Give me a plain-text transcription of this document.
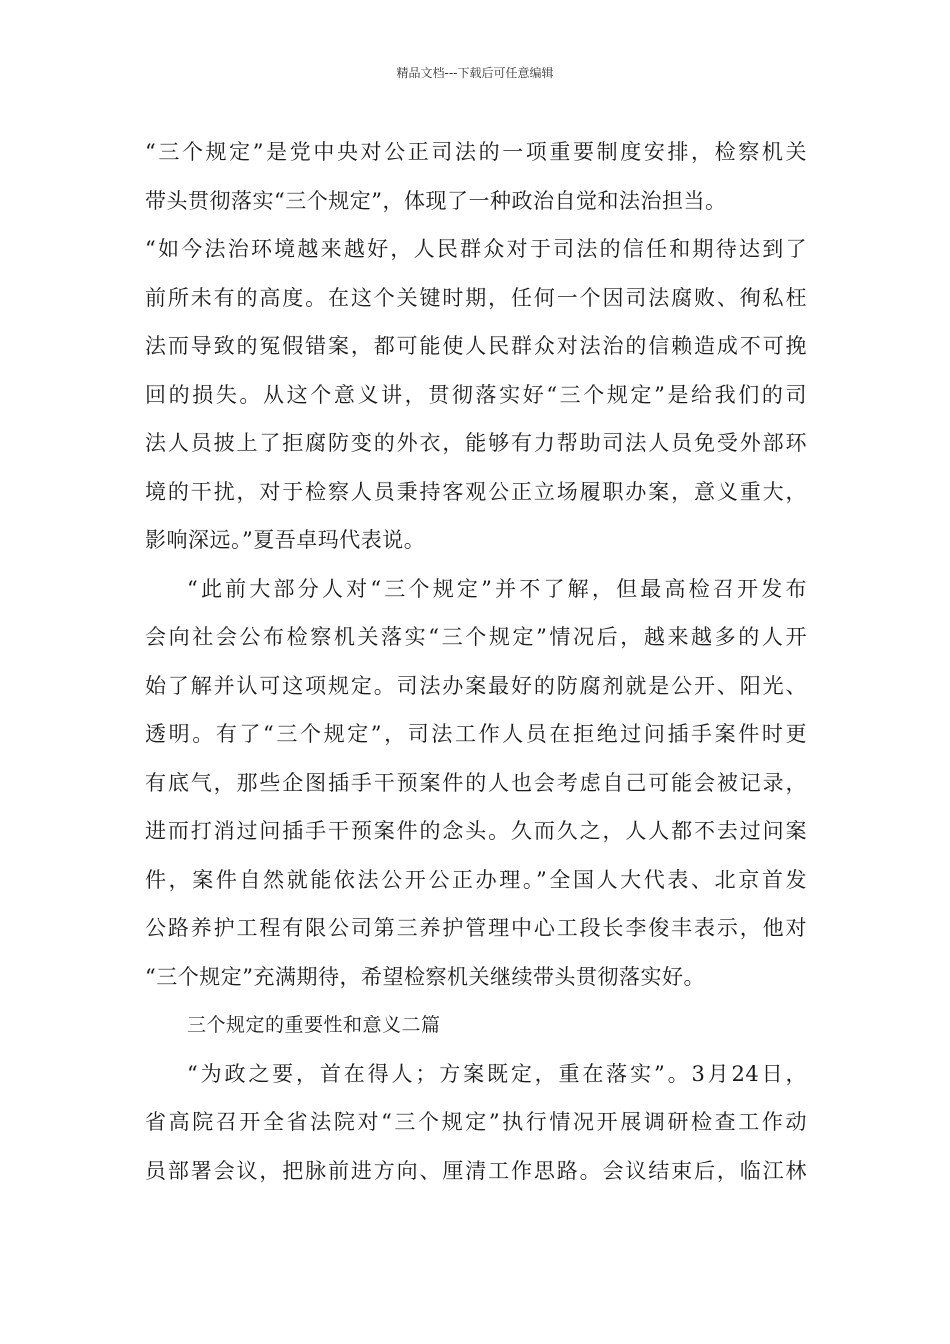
精品文档---下载后可任意编辑
“三个规定”是党中央对公正司法的一项重要制度安排，检察机关
带头贯彻落实“三个规定”，体现了一种政治自觉和法治担当。
“如今法治环境越来越好，人民群众对于司法的信任和期待达到了
前所未有的高度。在这个关键时期，任何一个因司法腐败、徇私枉
法而导致的冤假错案，都可能使人民群众对法治的信赖造成不可挽
回的损失。从这个意义讲，贯彻落实好“三个规定”是给我们的司
法人员披上了拒腐防变的外衣，能够有力帮助司法人员免受外部环
境的干扰，对于检察人员秉持客观公正立场履职办案，意义重大，
影响深远。”夏吾卓玛代表说。
“此前大部分人对“三个规定”并不了解，但最高检召开发布
会向社会公布检察机关落实“三个规定”情况后，越来越多的人开
始了解并认可这项规定。司法办案最好的防腐剂就是公开、阳光、
透明。有了“三个规定”，司法工作人员在拒绝过问插手案件时更
有底气，那些企图插手干预案件的人也会考虑自己可能会被记录，
进而打消过问插手干预案件的念头。久而久之，人人都不去过问案
件，案件自然就能依法公开公正办理。”全国人大代表、北京首发
公路养护工程有限公司第三养护管理中心工段长李俊丰表示，他对
“三个规定”充满期待，希望检察机关继续带头贯彻落实好。
三个规定的重要性和意义二篇
“为政之要，首在得人；方案既定，重在落实”。3月24日，
省高院召开全省法院对“三个规定”执行情况开展调研检查工作动
员部署会议，把脉前进方向、厘清工作思路。会议结束后，临江林
